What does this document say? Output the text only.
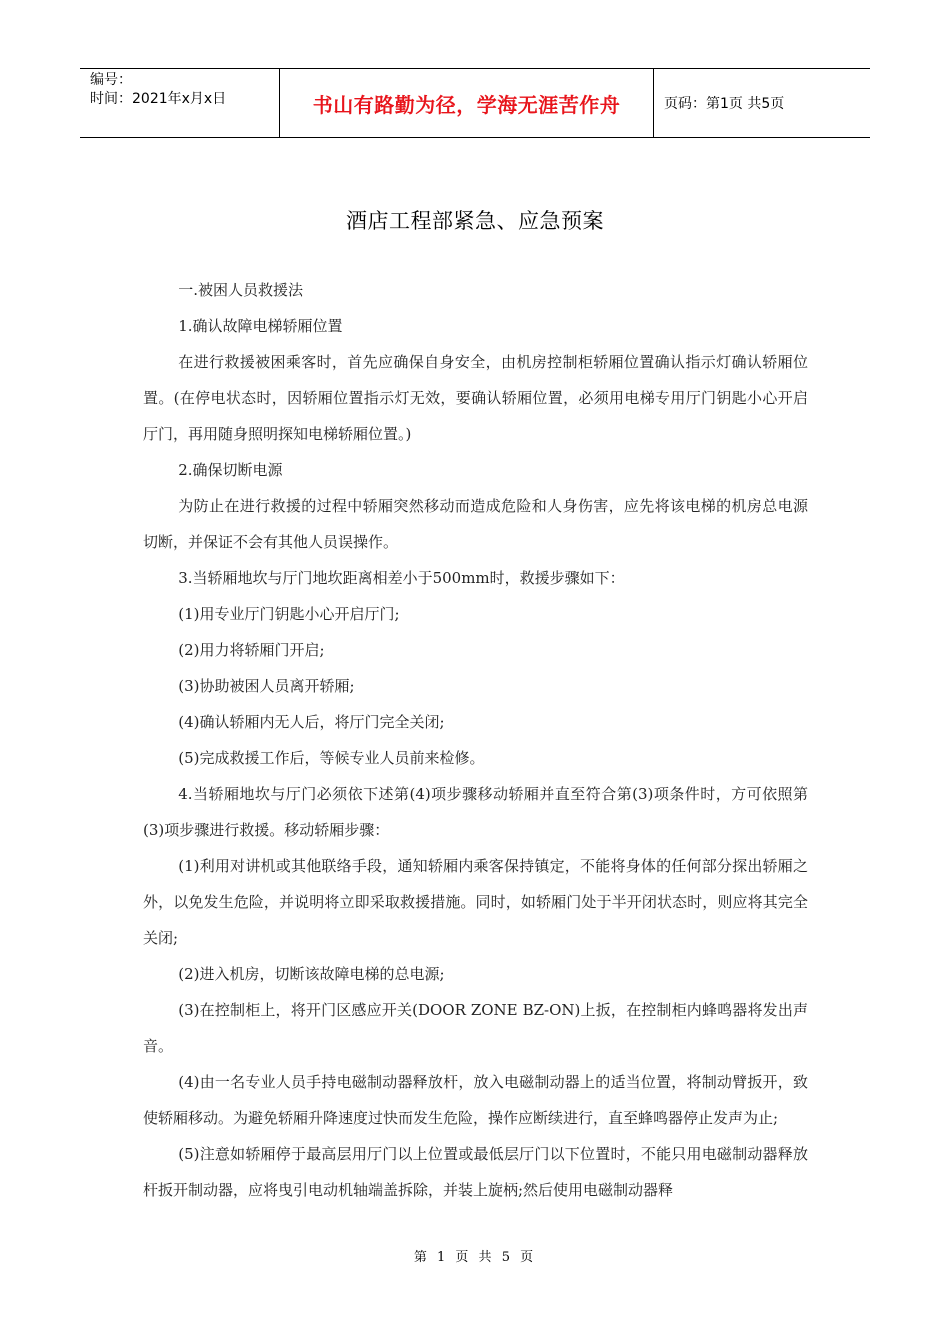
编号：
时间：2021年x月x日	书山有路勤为径，学海无涯苦作舟	页码：第1页 共5页
酒店工程部紧急、应急预案

一.被困人员救援法

1.确认故障电梯轿厢位置

在进行救援被困乘客时，首先应确保自身安全，由机房控制柜轿厢位置确认指示灯确认轿厢位置。(在停电状态时，因轿厢位置指示灯无效，要确认轿厢位置，必须用电梯专用厅门钥匙小心开启厅门，再用随身照明探知电梯轿厢位置。)

2.确保切断电源

为防止在进行救援的过程中轿厢突然移动而造成危险和人身伤害，应先将该电梯的机房总电源切断，并保证不会有其他人员误操作。

3.当轿厢地坎与厅门地坎距离相差小于500mm时，救援步骤如下：

(1)用专业厅门钥匙小心开启厅门;

(2)用力将轿厢门开启;

(3)协助被困人员离开轿厢;

(4)确认轿厢内无人后，将厅门完全关闭;

(5)完成救援工作后，等候专业人员前来检修。

4.当轿厢地坎与厅门必须依下述第(4)项步骤移动轿厢并直至符合第(3)项条件时，方可依照第(3)项步骤进行救援。移动轿厢步骤：

(1)利用对讲机或其他联络手段，通知轿厢内乘客保持镇定，不能将身体的任何部分探出轿厢之外，以免发生危险，并说明将立即采取救援措施。同时，如轿厢门处于半开闭状态时，则应将其完全关闭;

(2)进入机房，切断该故障电梯的总电源;

(3)在控制柜上，将开门区感应开关(DOOR ZONE BZ-ON)上扳，在控制柜内蜂鸣器将发出声音。

(4)由一名专业人员手持电磁制动器释放杆，放入电磁制动器上的适当位置，将制动臂扳开，致使轿厢移动。为避免轿厢升降速度过快而发生危险，操作应断续进行，直至蜂鸣器停止发声为止;

(5)注意如轿厢停于最高层用厅门以上位置或最低层厅门以下位置时，不能只用电磁制动器释放杆扳开制动器，应将曳引电动机轴端盖拆除，并装上旋柄;然后使用电磁制动器释

第 1 页 共 5 页
